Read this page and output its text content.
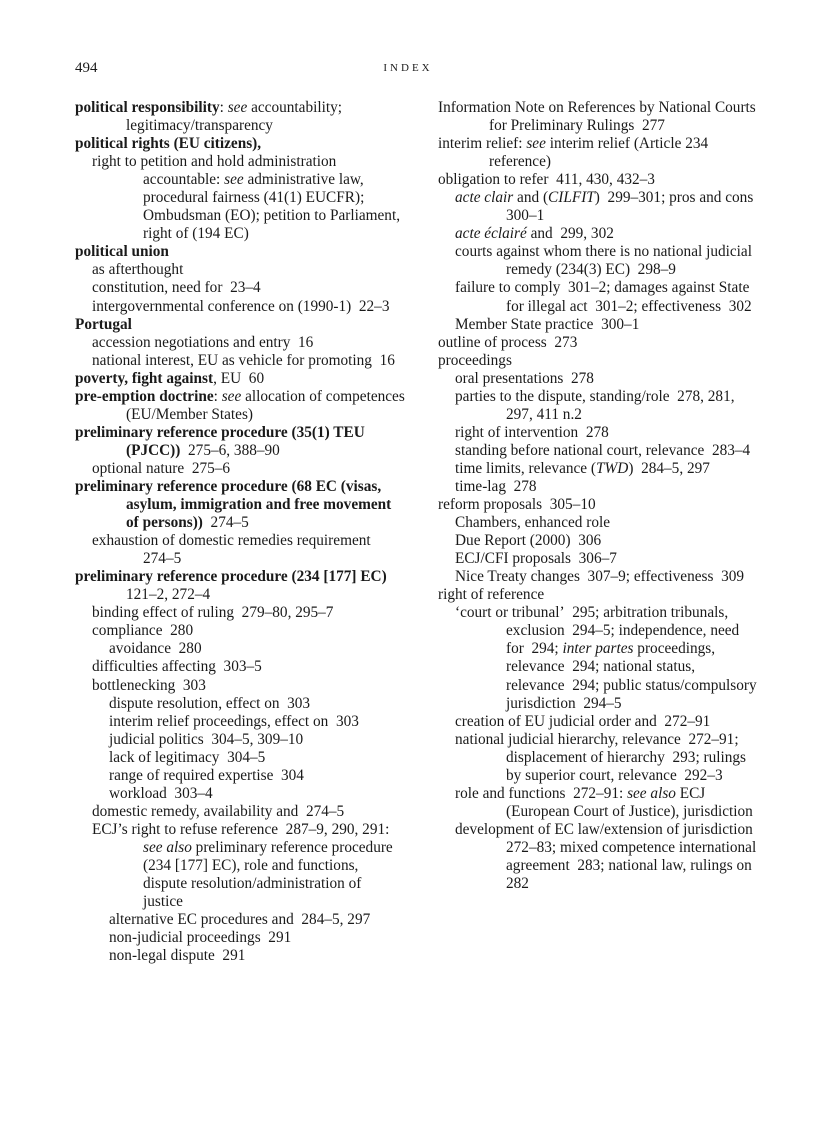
494	INDEX
political responsibility: see accountability; legitimacy/transparency
political rights (EU citizens),
right to petition and hold administration accountable: see administrative law, procedural fairness (41(1) EUCFR); Ombudsman (EO); petition to Parliament, right of (194 EC)
political union
as afterthought
constitution, need for  23–4
intergovernmental conference on (1990-1)  22–3
Portugal
accession negotiations and entry  16
national interest, EU as vehicle for promoting  16
poverty, fight against, EU  60
pre-emption doctrine: see allocation of competences (EU/Member States)
preliminary reference procedure (35(1) TEU (PJCC))  275–6, 388–90
optional nature  275–6
preliminary reference procedure (68 EC (visas, asylum, immigration and free movement of persons))  274–5
exhaustion of domestic remedies requirement  274–5
preliminary reference procedure (234 [177] EC)  121–2, 272–4
binding effect of ruling  279–80, 295–7
compliance  280
avoidance  280
difficulties affecting  303–5
bottlenecking  303
dispute resolution, effect on  303
interim relief proceedings, effect on  303
judicial politics  304–5, 309–10
lack of legitimacy  304–5
range of required expertise  304
workload  303–4
domestic remedy, availability and  274–5
ECJ’s right to refuse reference  287–9, 290, 291: see also preliminary reference procedure (234 [177] EC), role and functions, dispute resolution/administration of justice
alternative EC procedures and  284–5, 297
non-judicial proceedings  291
non-legal dispute  291
Information Note on References by National Courts for Preliminary Rulings  277
interim relief: see interim relief (Article 234 reference)
obligation to refer  411, 430, 432–3
acte clair and (CILFIT)  299–301; pros and cons  300–1
acte éclairé and  299, 302
courts against whom there is no national judicial remedy (234(3) EC)  298–9
failure to comply  301–2; damages against State for illegal act  301–2; effectiveness  302
Member State practice  300–1
outline of process  273
proceedings
oral presentations  278
parties to the dispute, standing/role  278, 281, 297, 411 n.2
right of intervention  278
standing before national court, relevance  283–4
time limits, relevance (TWD)  284–5, 297
time-lag  278
reform proposals  305–10
Chambers, enhanced role
Due Report (2000)  306
ECJ/CFI proposals  306–7
Nice Treaty changes  307–9; effectiveness  309
right of reference
‘court or tribunal’  295; arbitration tribunals, exclusion  294–5; independence, need for  294; inter partes proceedings, relevance  294; national status, relevance  294; public status/compulsory jurisdiction  294–5
creation of EU judicial order and  272–91
national judicial hierarchy, relevance  272–91; displacement of hierarchy  293; rulings by superior court, relevance  292–3
role and functions  272–91: see also ECJ (European Court of Justice), jurisdiction
development of EC law/extension of jurisdiction  272–83; mixed competence international agreement  283; national law, rulings on  282
